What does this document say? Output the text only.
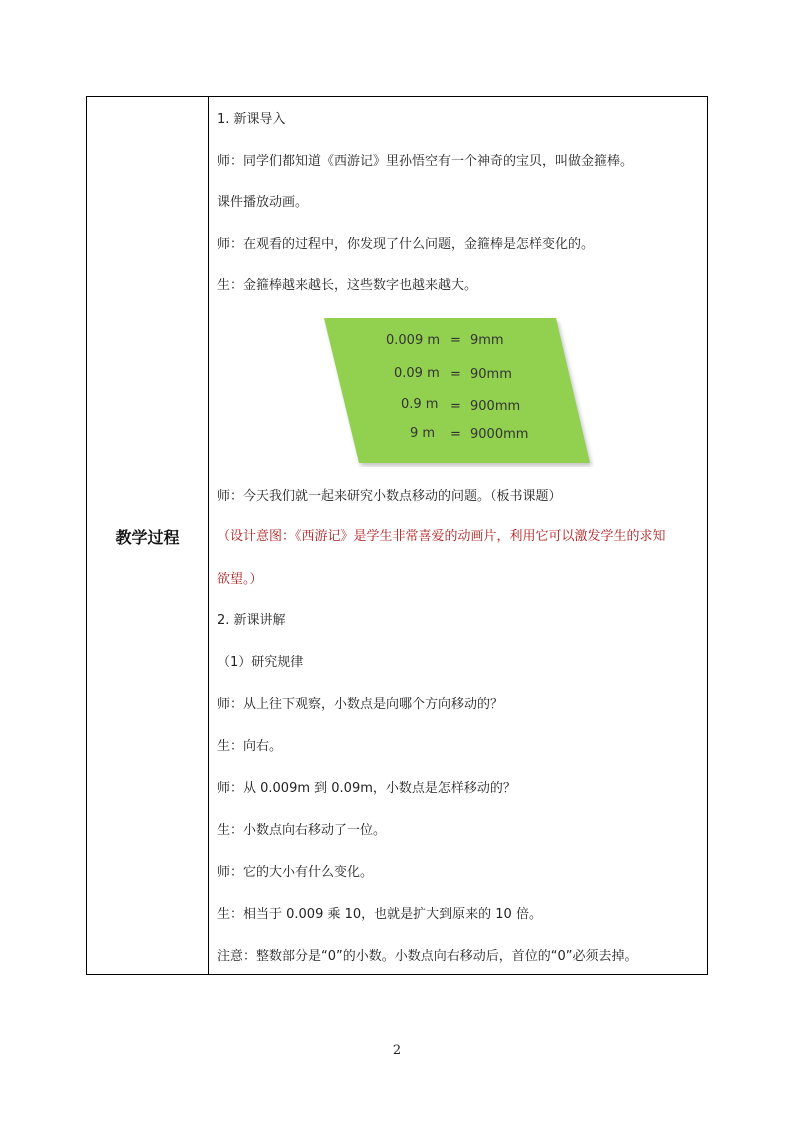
教学过程
1. 新课导入
师：同学们都知道《西游记》里孙悟空有一个神奇的宝贝，叫做金箍棒。
课件播放动画。
师：在观看的过程中，你发现了什么问题，金箍棒是怎样变化的。
生：金箍棒越来越长，这些数字也越来越大。
师：今天我们就一起来研究小数点移动的问题。（板书课题）
（设计意图：《西游记》是学生非常喜爱的动画片，利用它可以激发学生的求知
欲望。）
2. 新课讲解
（1）研究规律
师：从上往下观察，小数点是向哪个方向移动的？
生：向右。
师：从 0.009m 到 0.09m，小数点是怎样移动的？
生：小数点向右移动了一位。
师：它的大小有什么变化。
生：相当于 0.009 乘 10，也就是扩大到原来的 10 倍。
注意：整数部分是“0”的小数。小数点向右移动后，首位的“0”必须去掉。
0.009 m = 9mm
0.09 m = 90mm
0.9 m = 900mm
9 m = 9000mm
2
